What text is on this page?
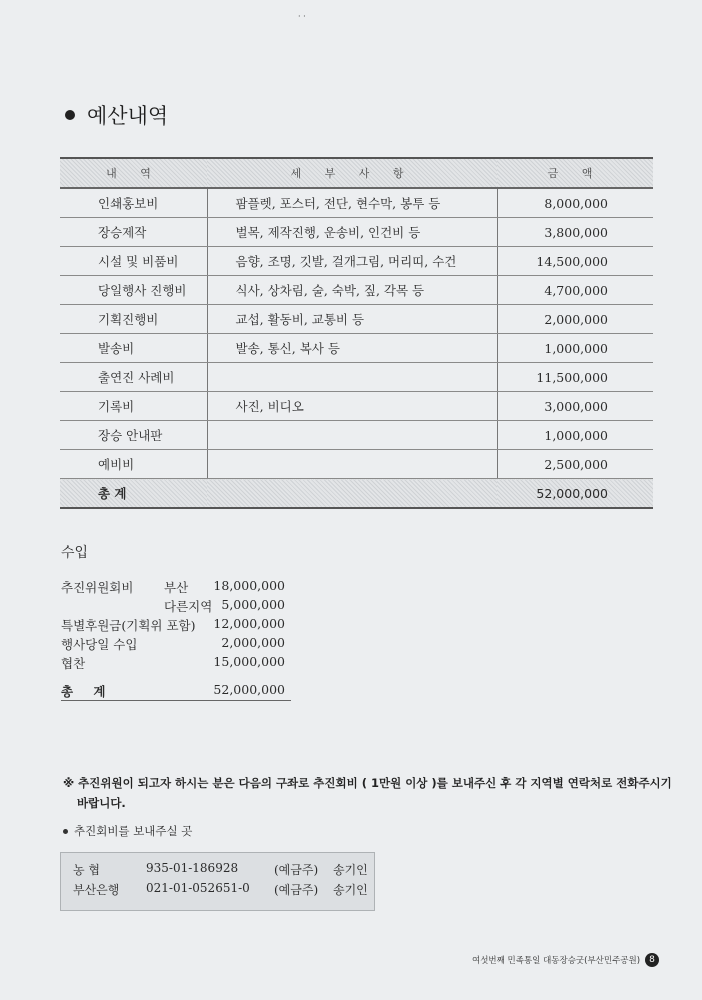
· ·
예산내역
내 역	세 부 사 항	금 액
인쇄홍보비	팜플렛, 포스터, 전단, 현수막, 봉투 등	8,000,000
장승제작	벌목, 제작진행, 운송비, 인건비 등	3,800,000
시설 및 비품비	음향, 조명, 깃발, 걸개그림, 머리띠, 수건	14,500,000
당일행사 진행비	식사, 상차림, 술, 숙박, 짚, 각목 등	4,700,000
기획진행비	교섭, 활동비, 교통비 등	2,000,000
발송비	발송, 통신, 복사 등	1,000,000
출연진 사례비		11,500,000
기록비	사진, 비디오	3,000,000
장승 안내판		1,000,000
예비비		2,500,000
총 계		52,000,000
수입
추진위원회비 부산 18,000,000
다른지역 5,000,000
특별후원금(기획위 포함) 12,000,000
행사당일 수입	2,000,000
협찬	15,000,000
총 계	52,000,000
※ 추진위원이 되고자 하시는 분은 다음의 구좌로 추진회비 ( 1만원 이상 )를 보내주신 후 각 지역별 연락처로 전화주시기
바랍니다.
추진회비를 보내주실 곳
농 협	935-01-186928	(예금주) 송기인
부산은행 021-01-052651-0 (예금주) 송기인
여섯번째 민족통일 대동장승굿(부산민주공원)	8
